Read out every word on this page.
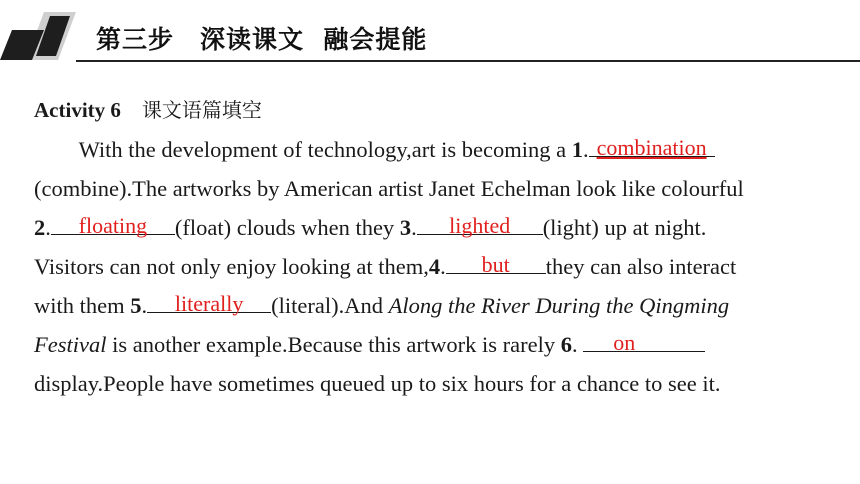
第三步　深读课文  融会提能
Activity 6 课文语篇填空
With the development of technology,art is becoming a 1. combination
(combine).The artworks by American artist Janet Echelman look like colourful
2.	floating	(float) clouds when they 3.	lighted	(light) up at night.
Visitors can not only enjoy looking at them,4.	but	they can also interact
with them 5.	literally	(literal).And Along the River During the Qingming
Festival is another example.Because this artwork is rarely 6. on
display.People have sometimes queued up to six hours for a chance to see it.
